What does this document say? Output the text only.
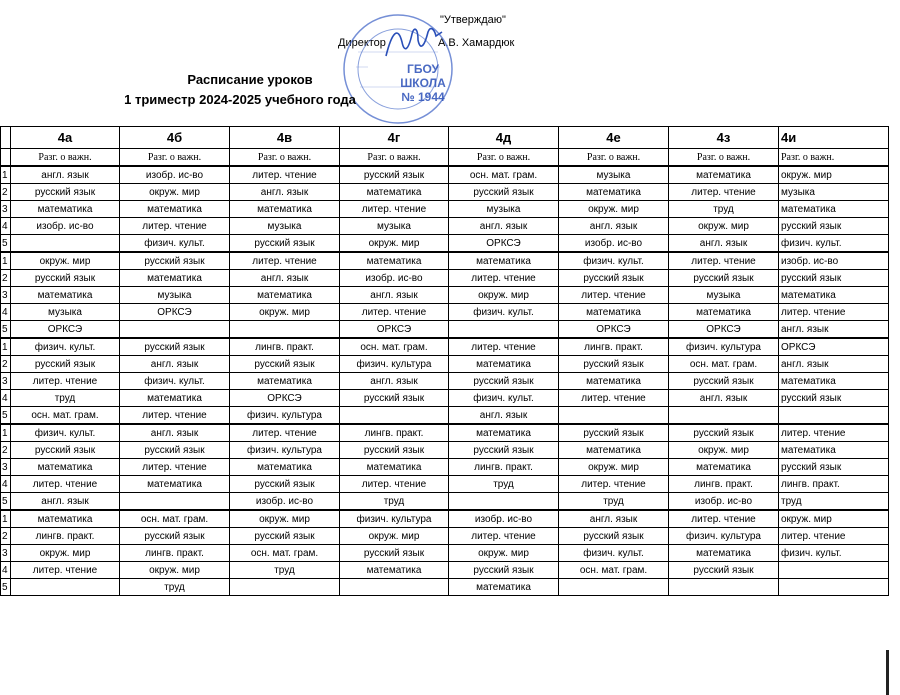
"Утверждаю"
Директор	А.В. Хамардюк
ГБОУ
ШКОЛА
№ 1944
Расписание уроков
1 триместр 2024-2025 учебного года
	4а	4б	4в	4г	4д	4е	4з	4и
	Разг. о важн.	Разг. о важн.	Разг. о важн.	Разг. о важн.	Разг. о важн.	Разг. о важн.	Разг. о важн.	Разг. о важн.
1	англ. язык	изобр. ис-во	литер. чтение	русский язык	осн. мат. грам.	музыка	математика	окруж. мир
2	русский язык	окруж. мир	англ. язык	математика	русский язык	математика	литер. чтение	музыка
3	математика	математика	математика	литер. чтение	музыка	окруж. мир	труд	математика
4	изобр. ис-во	литер. чтение	музыка	музыка	англ. язык	англ. язык	окруж. мир	русский язык
5		физич. культ.	русский язык	окруж. мир	ОРКСЭ	изобр. ис-во	англ. язык	физич. культ.
1	окруж. мир	русский язык	литер. чтение	математика	математика	физич. культ.	литер. чтение	изобр. ис-во
2	русский язык	математика	англ. язык	изобр. ис-во	литер. чтение	русский язык	русский язык	русский язык
3	математика	музыка	математика	англ. язык	окруж. мир	литер. чтение	музыка	математика
4	музыка	ОРКСЭ	окруж. мир	литер. чтение	физич. культ.	математика	математика	литер. чтение
5	ОРКСЭ			ОРКСЭ		ОРКСЭ	ОРКСЭ	англ. язык
1	физич. культ.	русский язык	лингв. практ.	осн. мат. грам.	литер. чтение	лингв. практ.	физич. культура	ОРКСЭ
2	русский язык	англ. язык	русский язык	физич. культура	математика	русский язык	осн. мат. грам.	англ. язык
3	литер. чтение	физич. культ.	математика	англ. язык	русский язык	математика	русский язык	математика
4	труд	математика	ОРКСЭ	русский язык	физич. культ.	литер. чтение	англ. язык	русский язык
5	осн. мат. грам.	литер. чтение	физич. культура		англ. язык			
1	физич. культ.	англ. язык	литер. чтение	лингв. практ.	математика	русский язык	русский язык	литер. чтение
2	русский язык	русский язык	физич. культура	русский язык	русский язык	математика	окруж. мир	математика
3	математика	литер. чтение	математика	математика	лингв. практ.	окруж. мир	математика	русский язык
4	литер. чтение	математика	русский язык	литер. чтение	труд	литер. чтение	лингв. практ.	лингв. практ.
5	англ. язык		изобр. ис-во	труд		труд	изобр. ис-во	труд
1	математика	осн. мат. грам.	окруж. мир	физич. культура	изобр. ис-во	англ. язык	литер. чтение	окруж. мир
2	лингв. практ.	русский язык	русский язык	окруж. мир	литер. чтение	русский язык	физич. культура	литер. чтение
3	окруж. мир	лингв. практ.	осн. мат. грам.	русский язык	окруж. мир	физич. культ.	математика	физич. культ.
4	литер. чтение	окруж. мир	труд	математика	русский язык	осн. мат. грам.	русский язык	
5		труд			математика			
